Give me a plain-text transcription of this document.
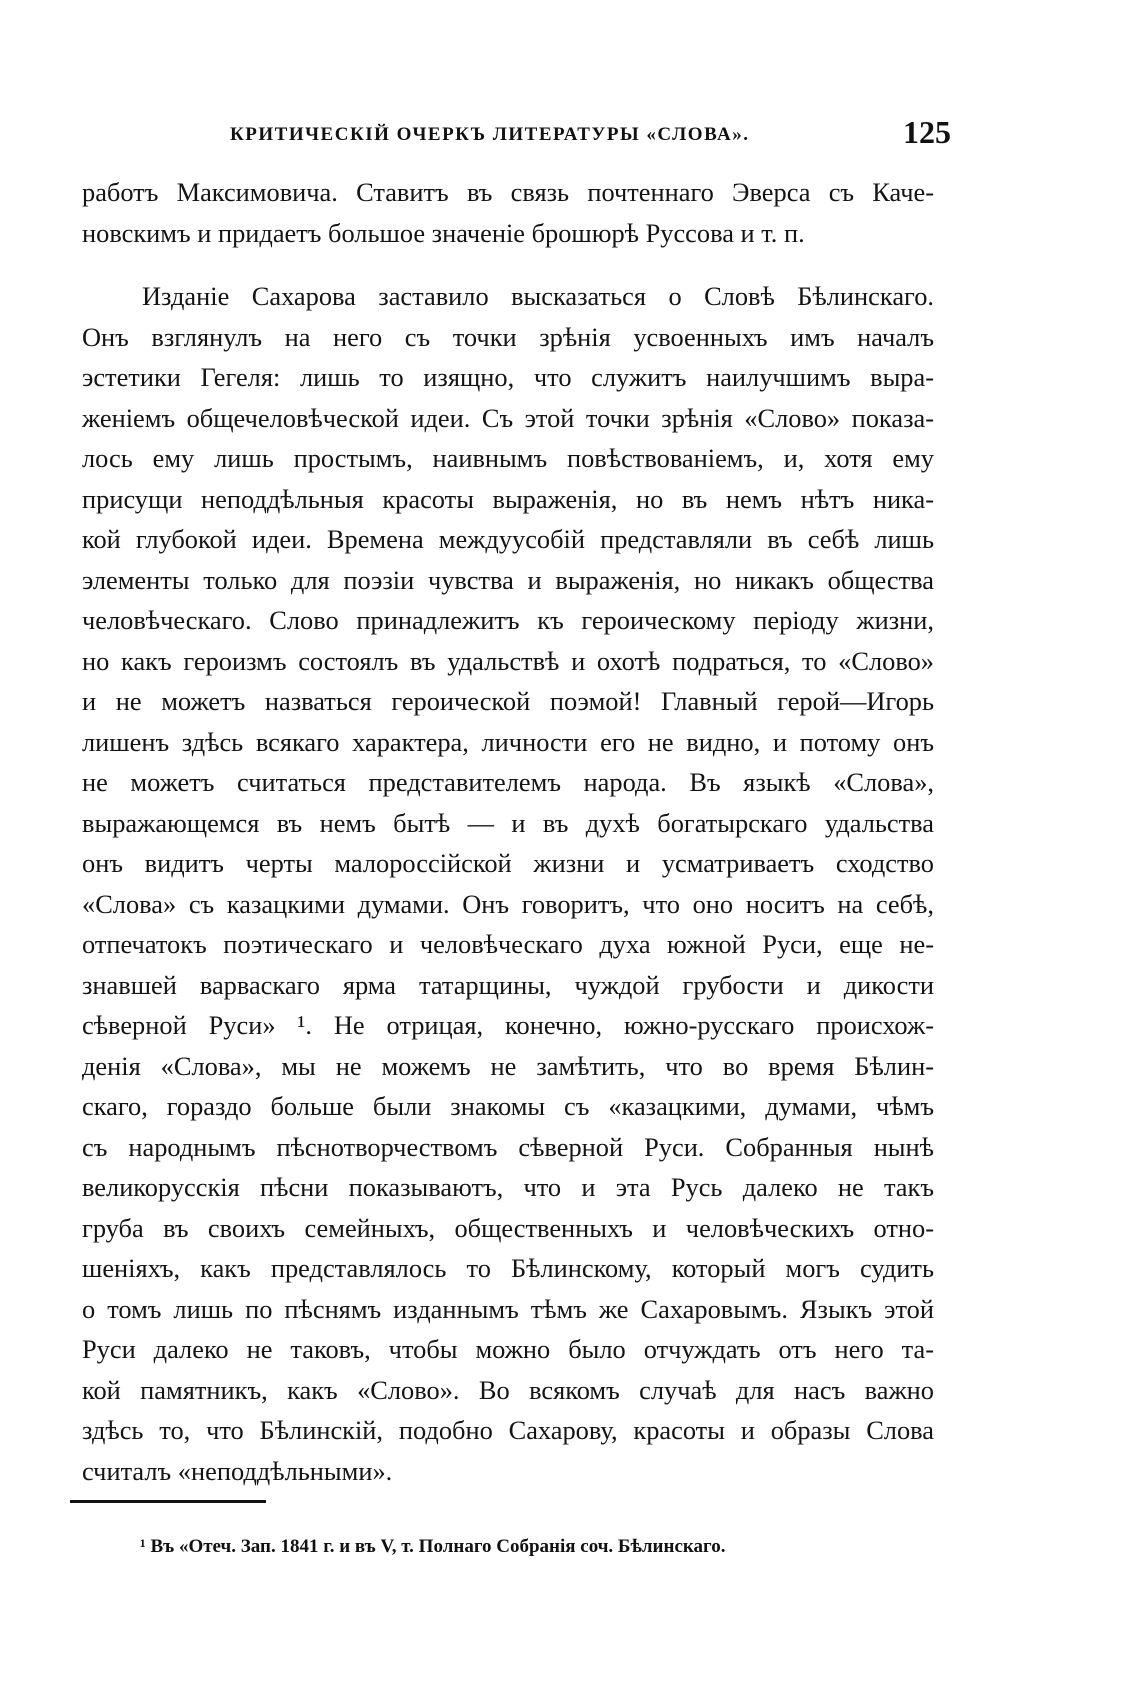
КРИТИЧЕСКІЙ ОЧЕРКЪ ЛИТЕРАТУРЫ «СЛОВА».	125
работъ Максимовича. Ставитъ въ связь почтеннаго Эверса съ Каче-
новскимъ и придаетъ большое значеніе брошюрѣ Руссова и т. п.
Изданіе Сахарова заставило высказаться о Словѣ Бѣлинскаго.
Онъ взглянулъ на него съ точки зрѣнія усвоенныхъ имъ началъ
эстетики Гегеля: лишь то изящно, что служитъ наилучшимъ выра-
женіемъ общечеловѣческой идеи. Съ этой точки зрѣнія «Слово» показа-
лось ему лишь простымъ, наивнымъ повѣствованіемъ, и, хотя ему
присущи неподдѣльныя красоты выраженія, но въ немъ нѣтъ ника-
кой глубокой идеи. Времена междуусобій представляли въ себѣ лишь
элементы только для поэзіи чувства и выраженія, но никакъ общества
человѣческаго. Слово принадлежитъ къ героическому періоду жизни,
но какъ героизмъ состоялъ въ удальствѣ и охотѣ подраться, то «Слово»
и не можетъ назваться героической поэмой! Главный герой—Игорь
лишенъ здѣсь всякаго характера, личности его не видно, и потому онъ
не можетъ считаться представителемъ народа. Въ языкѣ «Слова»,
выражающемся въ немъ бытѣ — и въ духѣ богатырскаго удальства
онъ видитъ черты малороссійской жизни и усматриваетъ сходство
«Слова» съ казацкими думами. Онъ говоритъ, что оно носитъ на себѣ,
отпечатокъ поэтическаго и человѣческаго духа южной Руси, еще не-
знавшей варваскаго ярма татарщины, чуждой грубости и дикости
сѣверной Руси» ¹. Не отрицая, конечно, южно-русскаго происхож-
денія «Слова», мы не можемъ не замѣтить, что во время Бѣлин-
скаго, гораздо больше были знакомы съ «казацкими, думами, чѣмъ
съ народнымъ пѣснотворчествомъ сѣверной Руси. Собранныя нынѣ
великорусскія пѣсни показываютъ, что и эта Русь далеко не такъ
груба въ своихъ семейныхъ, общественныхъ и человѣческихъ отно-
шеніяхъ, какъ представлялось то Бѣлинскому, который могъ судить
о томъ лишь по пѣснямъ изданнымъ тѣмъ же Сахаровымъ. Языкъ этой
Руси далеко не таковъ, чтобы можно было отчуждать отъ него та-
кой памятникъ, какъ «Слово». Во всякомъ случаѣ для насъ важно
здѣсь то, что Бѣлинскій, подобно Сахарову, красоты и образы Слова
считалъ «неподдѣльными».
¹ Въ «Отеч. Зап. 1841 г. и въ V, т. Полнаго Собранія соч. Бѣлинскаго.
